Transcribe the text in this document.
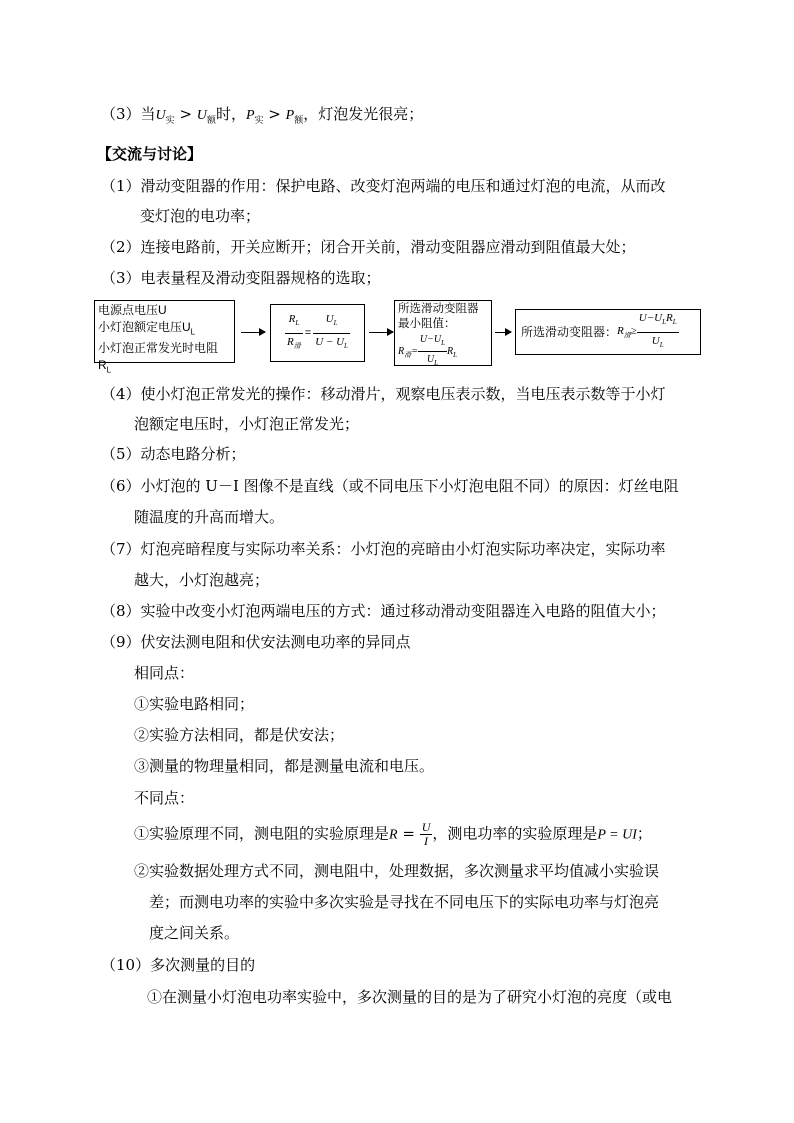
（3）当$U_实 > U_额$时，$P_实 > P_额$，灯泡发光很亮；
【交流与讨论】
（1）滑动变阻器的作用：保护电路、改变灯泡两端的电压和通过灯泡的电流，从而改
变灯泡的电功率；
（2）连接电路前，开关应断开；闭合开关前，滑动变阻器应滑动到阻值最大处；
（3）电表量程及滑动变阻器规格的选取；
电源点电压U
小灯泡额定电压$U_L$
小灯泡正常发光时电阻$R_L$
$\frac{R_L}{R_滑} = \frac{U_L}{U - U_L}$
所选滑动变阻器
最小阻值：
$R_滑= \frac{U-U_L}{U_L} R_L$
所选滑动变阻器： $R_滑\ge \frac{U-U_LR_L}{U_L}$
（4）使小灯泡正常发光的操作：移动滑片，观察电压表示数，当电压表示数等于小灯
泡额定电压时，小灯泡正常发光；
（5）动态电路分析；
（6）小灯泡的 U－I 图像不是直线（或不同电压下小灯泡电阻不同）的原因：灯丝电阻
随温度的升高而增大。
（7）灯泡亮暗程度与实际功率关系：小灯泡的亮暗由小灯泡实际功率决定，实际功率
越大，小灯泡越亮；
（8）实验中改变小灯泡两端电压的方式：通过移动滑动变阻器连入电路的阻值大小；
（9）伏安法测电阻和伏安法测电功率的异同点
相同点：
①实验电路相同；
②实验方法相同，都是伏安法；
③测量的物理量相同，都是测量电流和电压。
不同点：
①实验原理不同，测电阻的实验原理是$R = \frac{U}{I}$ ，测电功率的实验原理是P = UI；
②实验数据处理方式不同，测电阻中，处理数据，多次测量求平均值减小实验误
差；而测电功率的实验中多次实验是寻找在不同电压下的实际电功率与灯泡亮
度之间关系。
（10）多次测量的目的
①在测量小灯泡电功率实验中，多次测量的目的是为了研究小灯泡的亮度（或电
